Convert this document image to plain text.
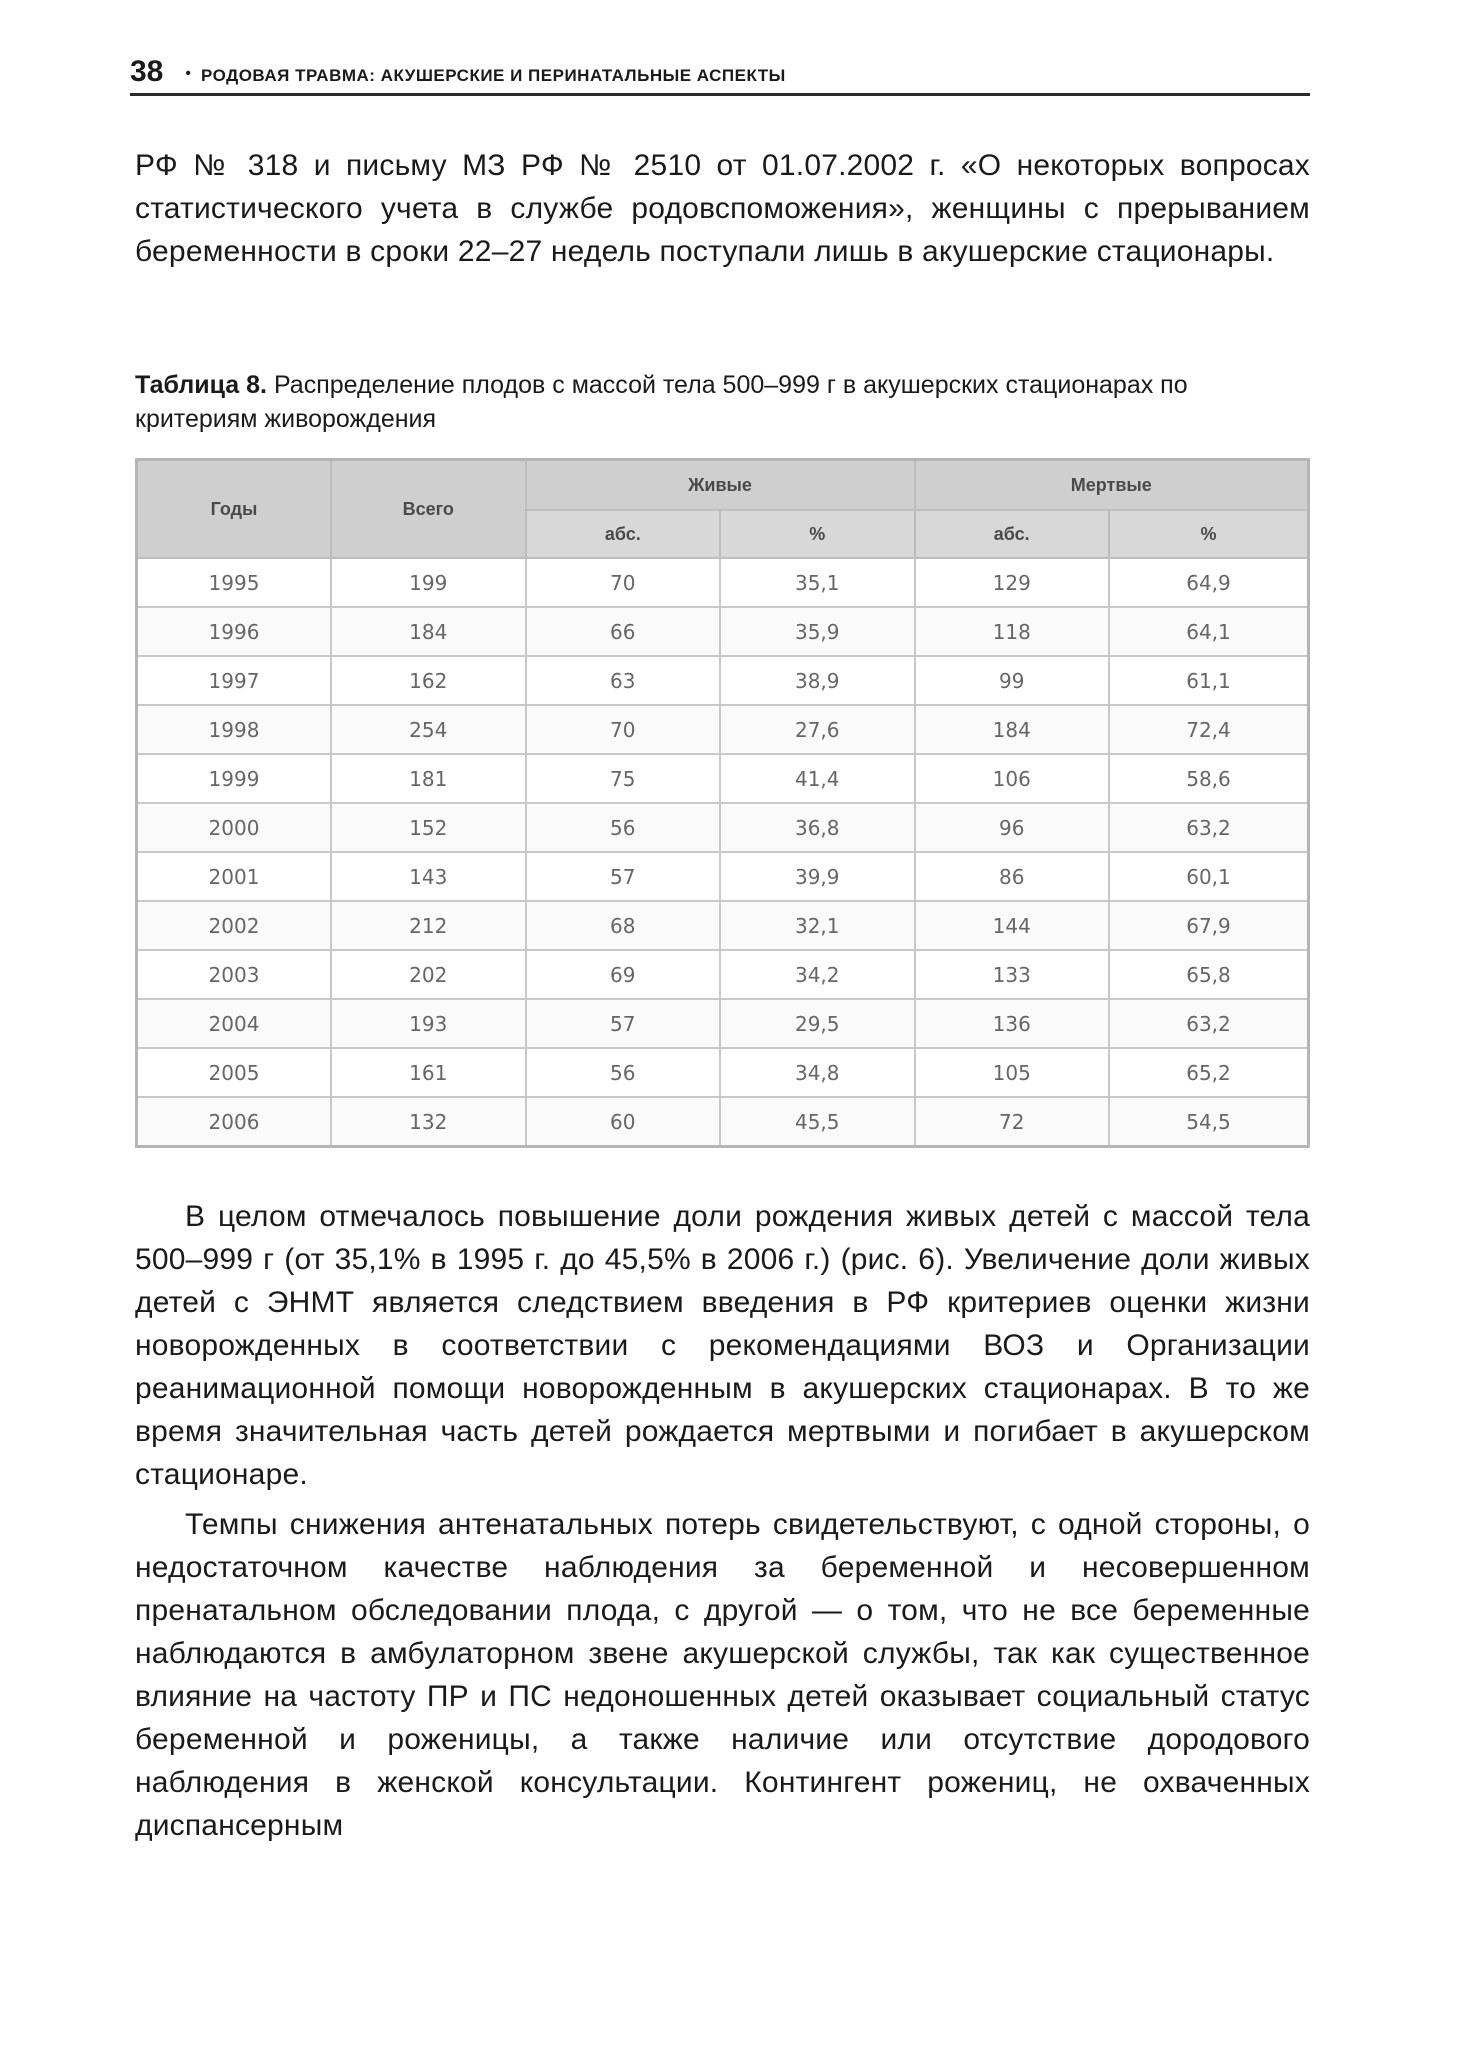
38 • РОДОВАЯ ТРАВМА: АКУШЕРСКИЕ И ПЕРИНАТАЛЬНЫЕ АСПЕКТЫ

РФ № 318 и письму МЗ РФ № 2510 от 01.07.2002 г. «О некоторых вопросах статистического учета в службе родовспоможения», женщины с прерыванием беременности в сроки 22–27 недель поступали лишь в акушерские стационары.

Таблица 8. Распределение плодов с массой тела 500–999 г в акушерских стационарах по критериям живорождения

Годы	Всего	Живые		Мертвые	
		абс.	%	абс.	%
1995	199	70	35,1	129	64,9
1996	184	66	35,9	118	64,1
1997	162	63	38,9	99	61,1
1998	254	70	27,6	184	72,4
1999	181	75	41,4	106	58,6
2000	152	56	36,8	96	63,2
2001	143	57	39,9	86	60,1
2002	212	68	32,1	144	67,9
2003	202	69	34,2	133	65,8
2004	193	57	29,5	136	63,2
2005	161	56	34,8	105	65,2
2006	132	60	45,5	72	54,5

В целом отмечалось повышение доли рождения живых детей с массой тела 500–999 г (от 35,1% в 1995 г. до 45,5% в 2006 г.) (рис. 6). Увеличение доли живых детей с ЭНМТ является следствием введения в РФ критериев оценки жизни новорожденных в соответствии с рекомендациями ВОЗ и Организации реанимационной помощи новорожденным в акушерских стационарах. В то же время значительная часть детей рождается мертвыми и погибает в акушерском стационаре.

Темпы снижения антенатальных потерь свидетельствуют, с одной стороны, о недостаточном качестве наблюдения за беременной и несовершенном пренатальном обследовании плода, с другой — о том, что не все беременные наблюдаются в амбулаторном звене акушерской службы, так как существенное влияние на частоту ПР и ПС недоношенных детей оказывает социальный статус беременной и роженицы, а также наличие или отсутствие дородового наблюдения в женской консультации. Контингент рожениц, не охваченных диспансерным
